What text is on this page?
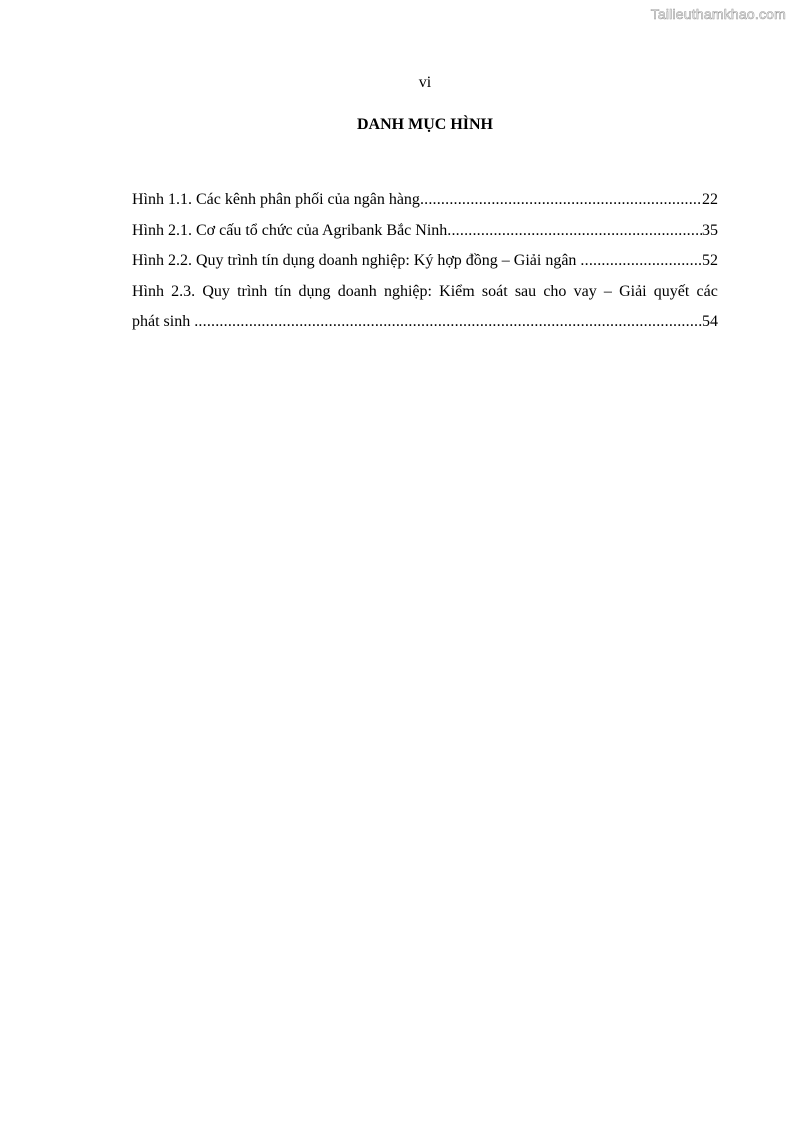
Tailieuthamkhao.com
vi
DANH MỤC HÌNH
Hình 1.1. Các kênh phân phối của ngân hàng .....	22
Hình 2.1. Cơ cấu tổ chức của Agribank Bắc Ninh .....	35
Hình 2.2. Quy trình tín dụng doanh nghiệp: Ký hợp đồng – Giải ngân .....	52
Hình 2.3. Quy trình tín dụng doanh nghiệp: Kiểm soát sau cho vay – Giải quyết các
phát sinh .....	54
